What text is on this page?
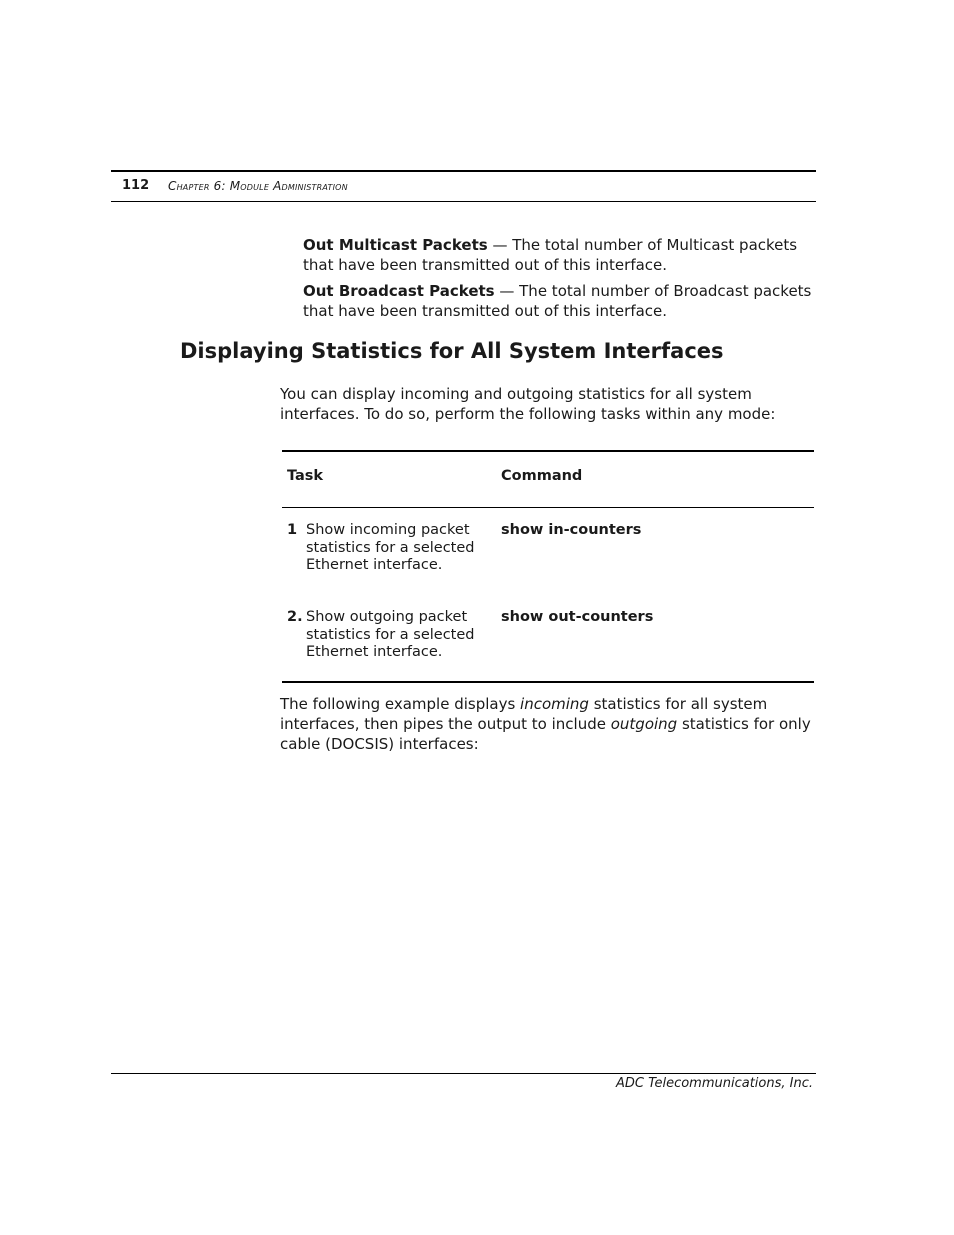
112 Chapter 6: Module Administration
Out Multicast Packets — The total number of Multicast packets that have been transmitted out of this interface.
Out Broadcast Packets — The total number of Broadcast packets that have been transmitted out of this interface.
Displaying Statistics for All System Interfaces
You can display incoming and outgoing statistics for all system interfaces. To do so, perform the following tasks within any mode:
Task	Command
1 Show incoming packet statistics for a selected Ethernet interface.
show in-counters
2. Show outgoing packet statistics for a selected Ethernet interface.
show out-counters
The following example displays incoming statistics for all system interfaces, then pipes the output to include outgoing statistics for only cable (DOCSIS) interfaces:
ADC Telecommunications, Inc.
